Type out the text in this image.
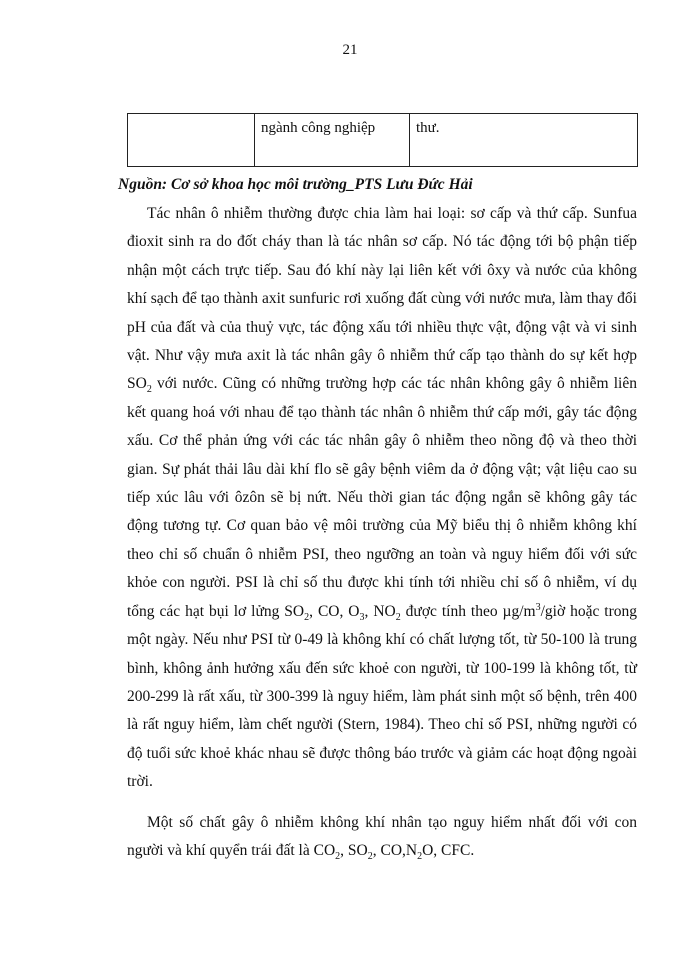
21
	ngành công nghiệp	thư.
Nguồn: Cơ sở khoa học môi trường_PTS Lưu Đức Hải

Tác nhân ô nhiễm thường được chia làm hai loại: sơ cấp và thứ cấp. Sunfua đioxit sinh ra do đốt cháy than là tác nhân sơ cấp. Nó tác động tới bộ phận tiếp nhận một cách trực tiếp. Sau đó khí này lại liên kết với ôxy và nước của không khí sạch để tạo thành axit sunfuric rơi xuống đất cùng với nước mưa, làm thay đổi pH của đất và của thuỷ vực, tác động xấu tới nhiều thực vật, động vật và vi sinh vật. Như vậy mưa axit là tác nhân gây ô nhiễm thứ cấp tạo thành do sự kết hợp $SO_2$ với nước. Cũng có những trường hợp các tác nhân không gây ô nhiễm liên kết quang hoá với nhau để tạo thành tác nhân ô nhiễm thứ cấp mới, gây tác động xấu. Cơ thể phản ứng với các tác nhân gây ô nhiễm theo nồng độ và theo thời gian. Sự phát thải lâu dài khí flo sẽ gây bệnh viêm da ở động vật; vật liệu cao su tiếp xúc lâu với ôzôn sẽ bị nứt. Nếu thời gian tác động ngắn sẽ không gây tác động tương tự. Cơ quan bảo vệ môi trường của Mỹ biểu thị ô nhiễm không khí theo chỉ số chuẩn ô nhiễm PSI, theo ngưỡng an toàn và nguy hiểm đối với sức khỏe con người. PSI là chỉ số thu được khi tính tới nhiều chỉ số ô nhiễm, ví dụ tổng các hạt bụi lơ lửng $SO_2$, CO, $O_3$, $NO_2$ được tính theo $\mu g/m^3$/giờ hoặc trong một ngày. Nếu như PSI từ 0-49 là không khí có chất lượng tốt, từ 50-100 là trung bình, không ảnh hưởng xấu đến sức khoẻ con người, từ 100-199 là không tốt, từ 200-299 là rất xấu, từ 300-399 là nguy hiểm, làm phát sinh một số bệnh, trên 400 là rất nguy hiểm, làm chết người (Stern, 1984). Theo chỉ số PSI, những người có độ tuổi sức khoẻ khác nhau sẽ được thông báo trước và giảm các hoạt động ngoài trời.

Một số chất gây ô nhiễm không khí nhân tạo nguy hiểm nhất đối với con người và khí quyển trái đất là $CO_2$, $SO_2$, $CO,N_2O$, CFC.
